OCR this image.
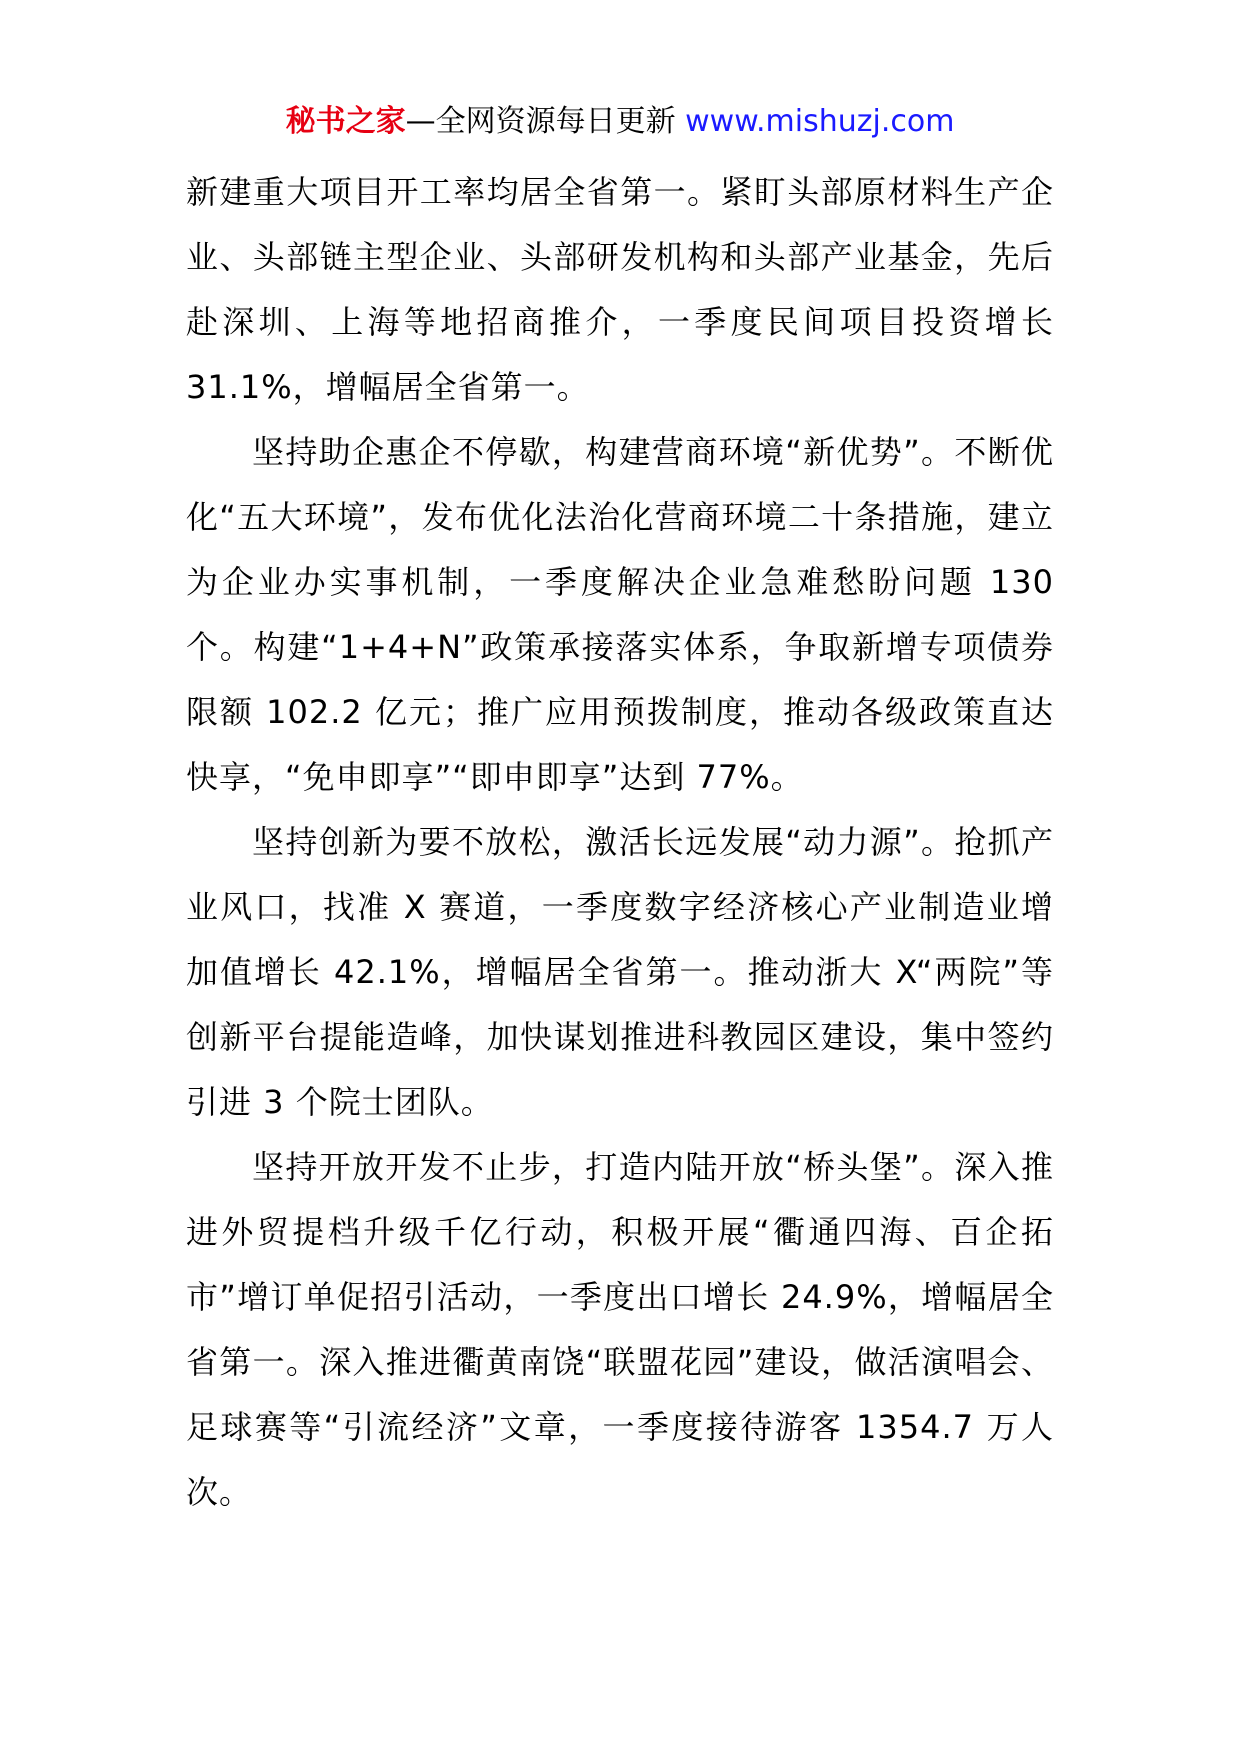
秘书之家—全网资源每日更新 www.mishuzj.com

新建重大项目开工率均居全省第一。紧盯头部原材料生产企业、头部链主型企业、头部研发机构和头部产业基金，先后赴深圳、上海等地招商推介，一季度民间项目投资增长 31.1%，增幅居全省第一。

坚持助企惠企不停歇，构建营商环境“新优势”。不断优化“五大环境”，发布优化法治化营商环境二十条措施，建立为企业办实事机制，一季度解决企业急难愁盼问题 130 个。构建“1+4+N”政策承接落实体系，争取新增专项债券限额 102.2 亿元；推广应用预拨制度，推动各级政策直达快享，“免申即享”“即申即享”达到 77%。

坚持创新为要不放松，激活长远发展“动力源”。抢抓产业风口，找准 X 赛道，一季度数字经济核心产业制造业增加值增长 42.1%，增幅居全省第一。推动浙大 X“两院”等创新平台提能造峰，加快谋划推进科教园区建设，集中签约引进 3 个院士团队。

坚持开放开发不止步，打造内陆开放“桥头堡”。深入推进外贸提档升级千亿行动，积极开展“衢通四海、百企拓市”增订单促招引活动，一季度出口增长 24.9%，增幅居全省第一。深入推进衢黄南饶“联盟花园”建设，做活演唱会、足球赛等“引流经济”文章，一季度接待游客 1354.7 万人次。
